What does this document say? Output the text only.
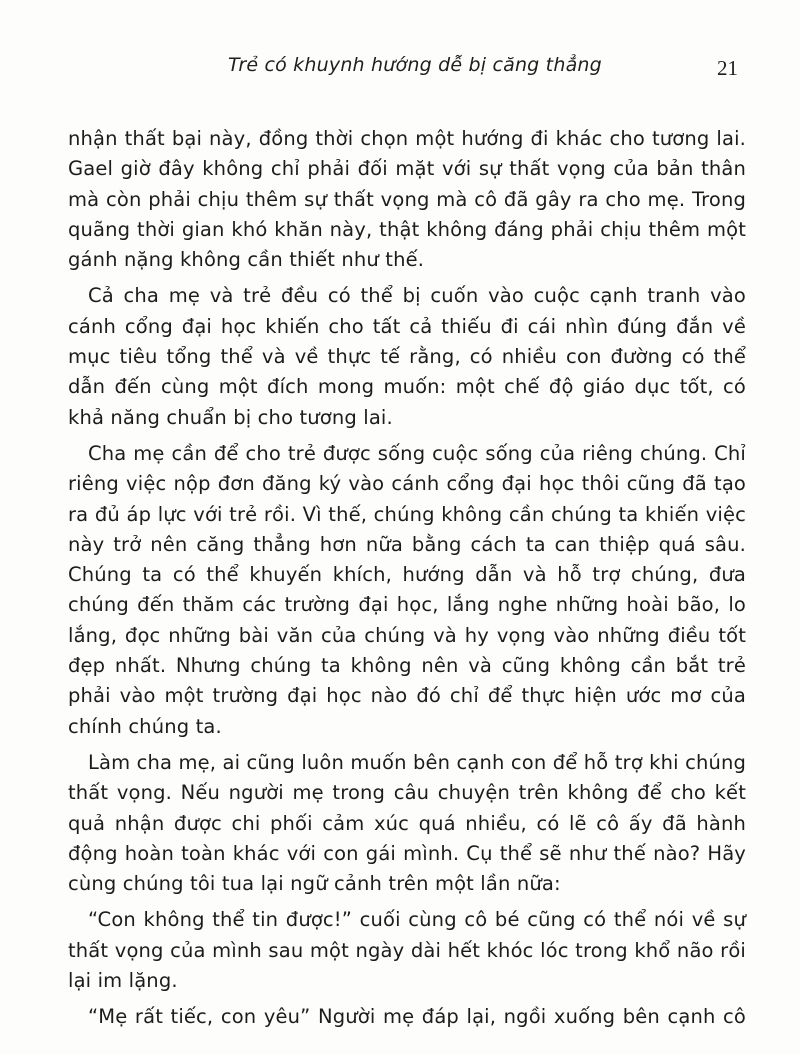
Trẻ có khuynh hướng dễ bị căng thẳng	21

nhận thất bại này, đồng thời chọn một hướng đi khác cho tương lai. Gael giờ đây không chỉ phải đối mặt với sự thất vọng của bản thân mà còn phải chịu thêm sự thất vọng mà cô đã gây ra cho mẹ. Trong quãng thời gian khó khăn này, thật không đáng phải chịu thêm một gánh nặng không cần thiết như thế.

Cả cha mẹ và trẻ đều có thể bị cuốn vào cuộc cạnh tranh vào cánh cổng đại học khiến cho tất cả thiếu đi cái nhìn đúng đắn về mục tiêu tổng thể và về thực tế rằng, có nhiều con đường có thể dẫn đến cùng một đích mong muốn: một chế độ giáo dục tốt, có khả năng chuẩn bị cho tương lai.

Cha mẹ cần để cho trẻ được sống cuộc sống của riêng chúng. Chỉ riêng việc nộp đơn đăng ký vào cánh cổng đại học thôi cũng đã tạo ra đủ áp lực với trẻ rồi. Vì thế, chúng không cần chúng ta khiến việc này trở nên căng thẳng hơn nữa bằng cách ta can thiệp quá sâu. Chúng ta có thể khuyến khích, hướng dẫn và hỗ trợ chúng, đưa chúng đến thăm các trường đại học, lắng nghe những hoài bão, lo lắng, đọc những bài văn của chúng và hy vọng vào những điều tốt đẹp nhất. Nhưng chúng ta không nên và cũng không cần bắt trẻ phải vào một trường đại học nào đó chỉ để thực hiện ước mơ của chính chúng ta.

Làm cha mẹ, ai cũng luôn muốn bên cạnh con để hỗ trợ khi chúng thất vọng. Nếu người mẹ trong câu chuyện trên không để cho kết quả nhận được chi phối cảm xúc quá nhiều, có lẽ cô ấy đã hành động hoàn toàn khác với con gái mình. Cụ thể sẽ như thế nào? Hãy cùng chúng tôi tua lại ngữ cảnh trên một lần nữa:

“Con không thể tin được!” cuối cùng cô bé cũng có thể nói về sự thất vọng của mình sau một ngày dài hết khóc lóc trong khổ não rồi lại im lặng.

“Mẹ rất tiếc, con yêu” Người mẹ đáp lại, ngồi xuống bên cạnh cô
